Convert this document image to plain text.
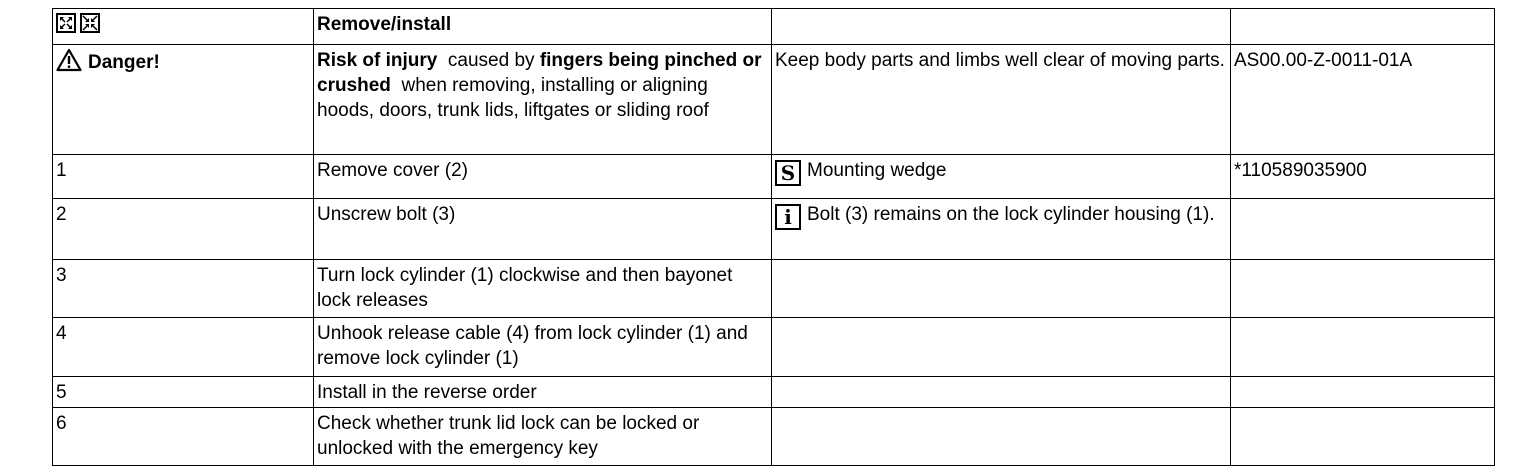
	Remove/install		
Danger!	Risk of injury  caused by fingers being pinched or crushed  when removing, installing or aligning hoods, doors, trunk lids, liftgates or sliding roof	Keep body parts and limbs well clear of moving parts.	AS00.00-Z-0011-01A
1	Remove cover (2)	S Mounting wedge	*110589035900
2	Unscrew bolt (3)	i Bolt (3) remains on the lock cylinder housing (1).	
3	Turn lock cylinder (1) clockwise and then bayonet lock releases		
4	Unhook release cable (4) from lock cylinder (1) and remove lock cylinder (1)		
5	Install in the reverse order		
6	Check whether trunk lid lock can be locked or unlocked with the emergency key		
